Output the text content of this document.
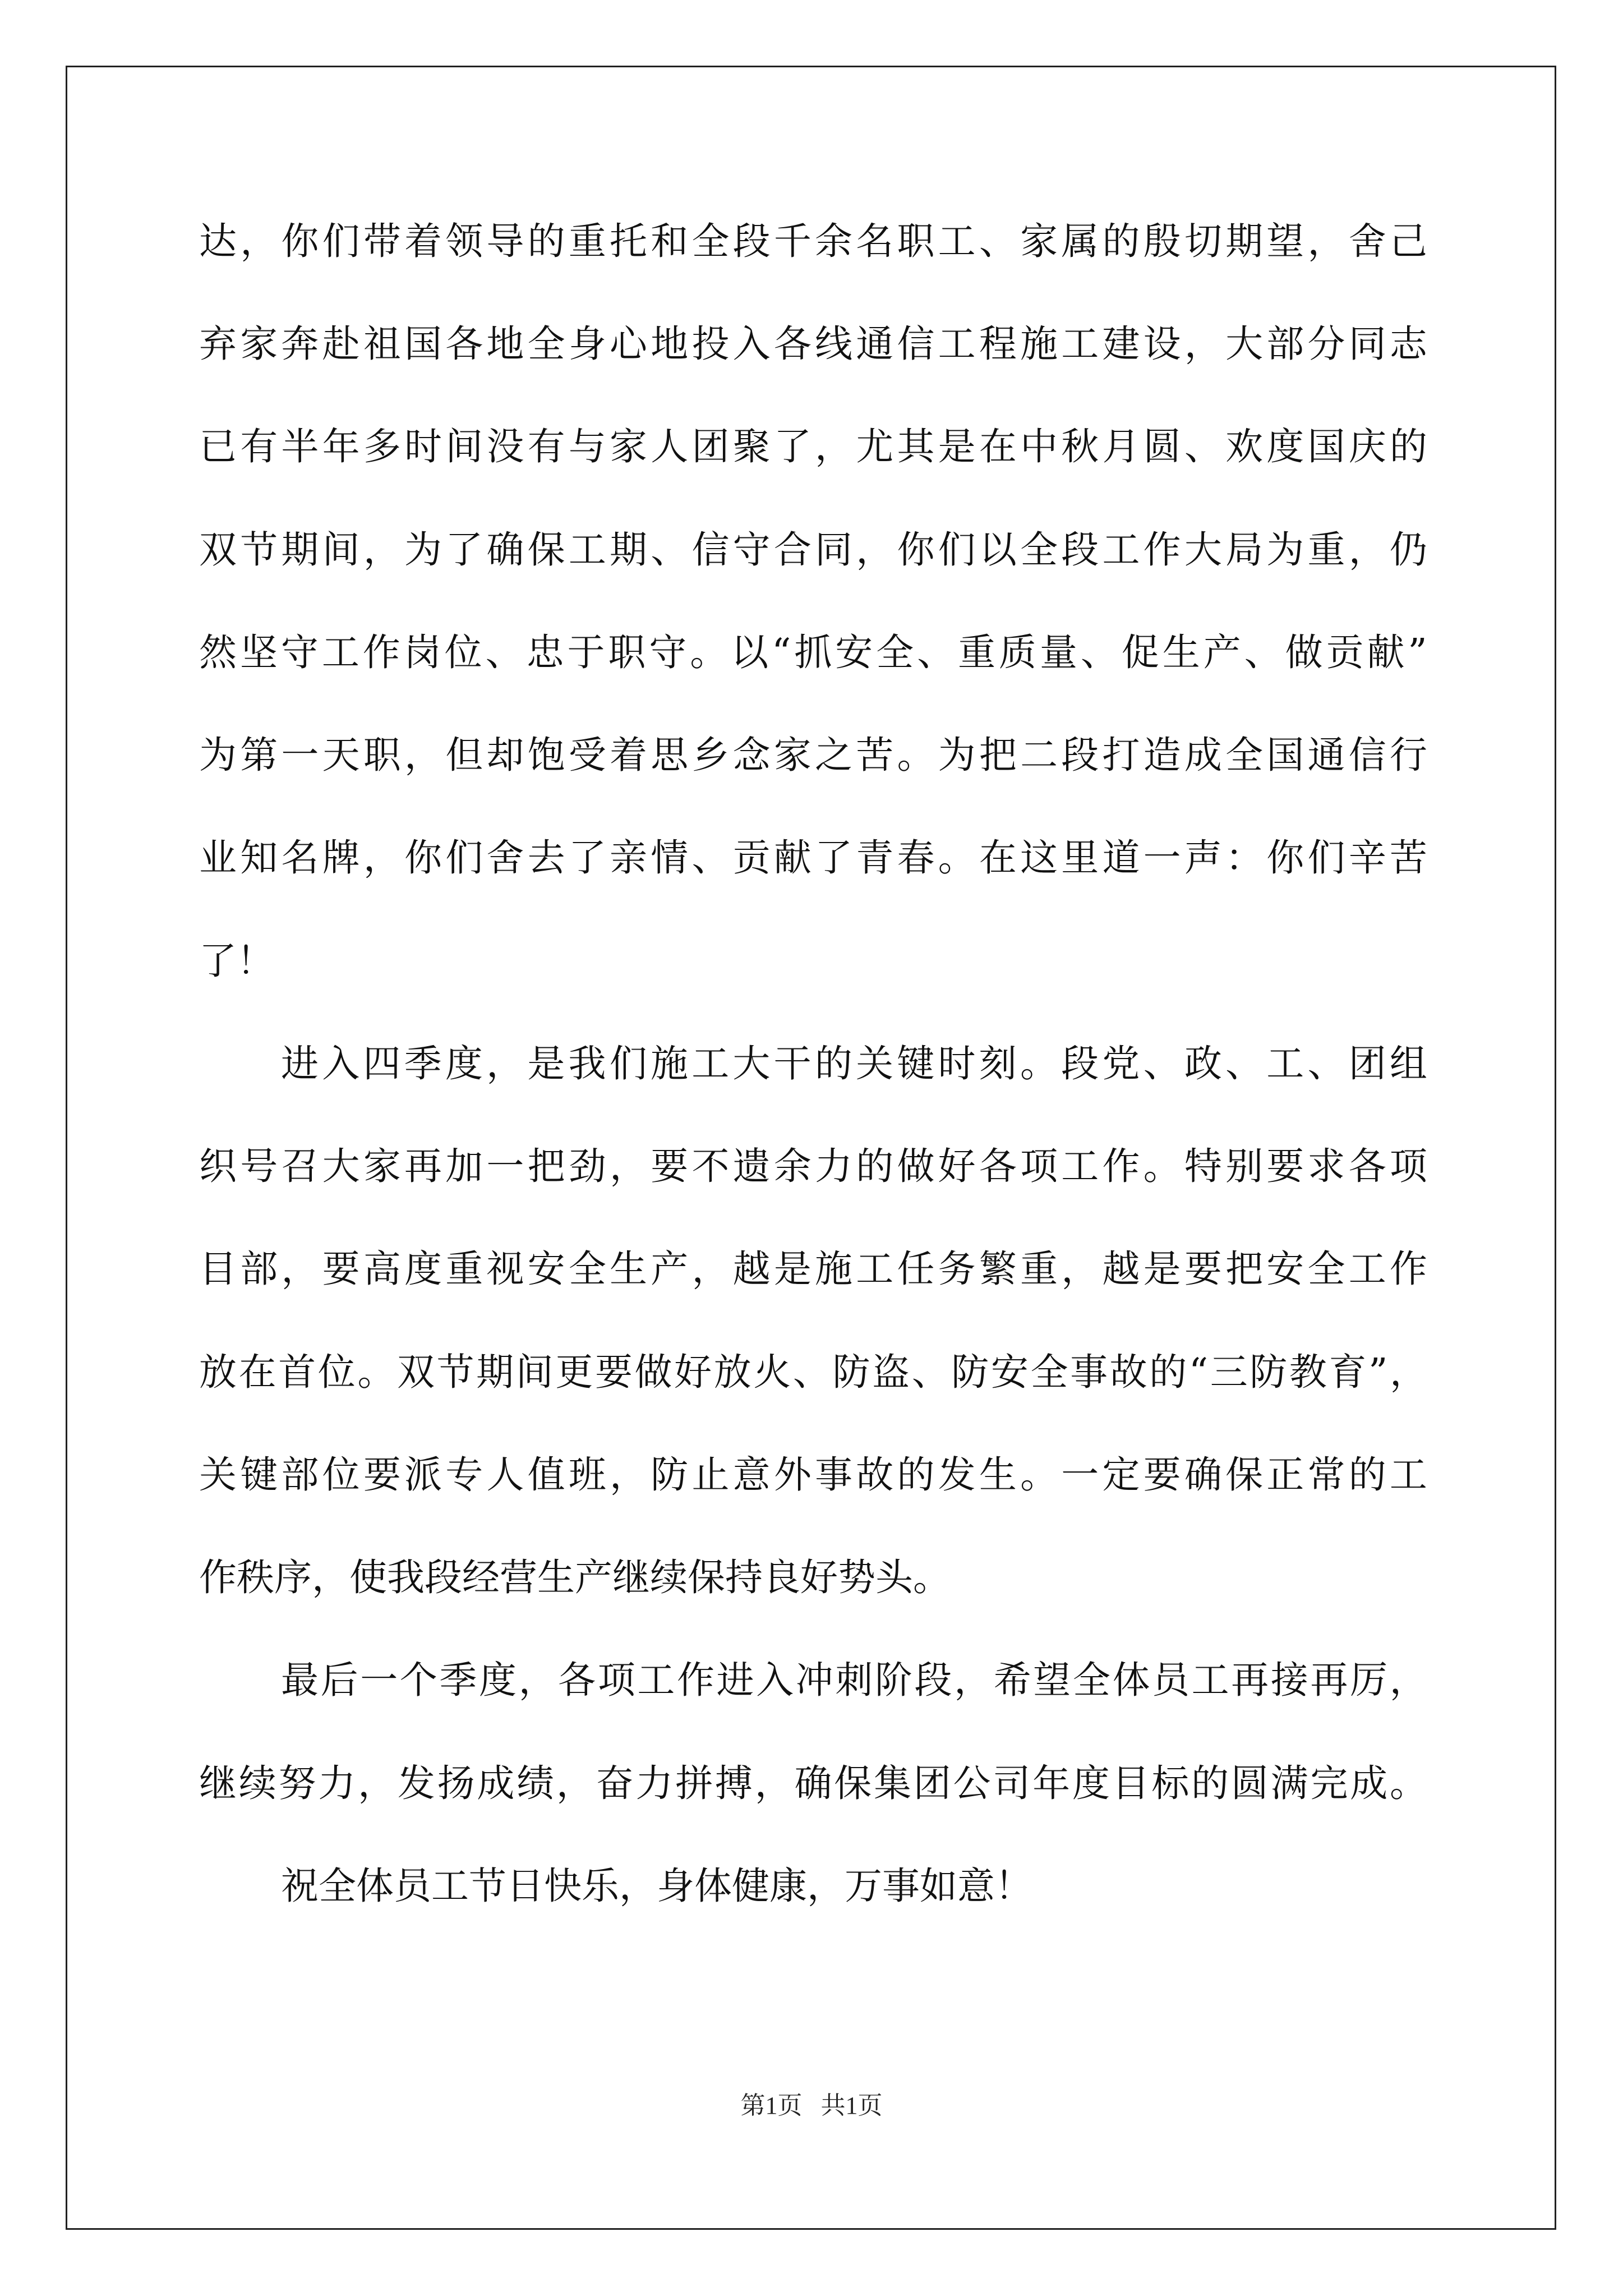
达 ， 你 们 带 着 领 导 的 重 托 和 全 段 千 余 名 职 工 、 家 属 的 殷 切 期 望 ， 舍 己
弃 家 奔 赴 祖 国 各 地 全 身 心 地 投 入 各 线 通 信 工 程 施 工 建 设 ， 大 部 分 同 志
已 有 半 年 多 时 间 没 有 与 家 人 团 聚 了 ， 尤 其 是 在 中 秋 月 圆 、 欢 度 国 庆 的
双 节 期 间 ， 为 了 确 保 工 期 、 信 守 合 同 ， 你 们 以 全 段 工 作 大 局 为 重 ， 仍
然 坚 守 工 作 岗 位 、 忠 于 职 守 。 以 “ 抓 安 全 、 重 质 量 、 促 生 产 、 做 贡 献 ”
为 第 一 天 职 ， 但 却 饱 受 着 思 乡 念 家 之 苦 。 为 把 二 段 打 造 成 全 国 通 信 行
业 知 名 牌 ， 你 们 舍 去 了 亲 情 、 贡 献 了 青 春 。 在 这 里 道 一 声 ： 你 们 辛 苦
了！
进 入 四 季 度 ， 是 我 们 施 工 大 干 的 关 键 时 刻 。 段 党 、 政 、 工 、 团 组
织 号 召 大 家 再 加 一 把 劲 ， 要 不 遗 余 力 的 做 好 各 项 工 作 。 特 别 要 求 各 项
目 部 ， 要 高 度 重 视 安 全 生 产 ， 越 是 施 工 任 务 繁 重 ， 越 是 要 把 安 全 工 作
放 在 首 位 。 双 节 期 间 更 要 做 好 放 火 、 防 盗 、 防 安 全 事 故 的 “ 三 防 教 育 ” ，
关 键 部 位 要 派 专 人 值 班 ， 防 止 意 外 事 故 的 发 生 。 一 定 要 确 保 正 常 的 工
作秩序，使我段经营生产继续保持良好势头。
最 后 一 个 季 度 ， 各 项 工 作 进 入 冲 刺 阶 段 ， 希 望 全 体 员 工 再 接 再 厉 ，
继 续 努 力 ， 发 扬 成 绩 ， 奋 力 拼 搏 ， 确 保 集 团 公 司 年 度 目 标 的 圆 满 完 成 。
祝全体员工节日快乐，身体健康，万事如意！
第1页   共1页
